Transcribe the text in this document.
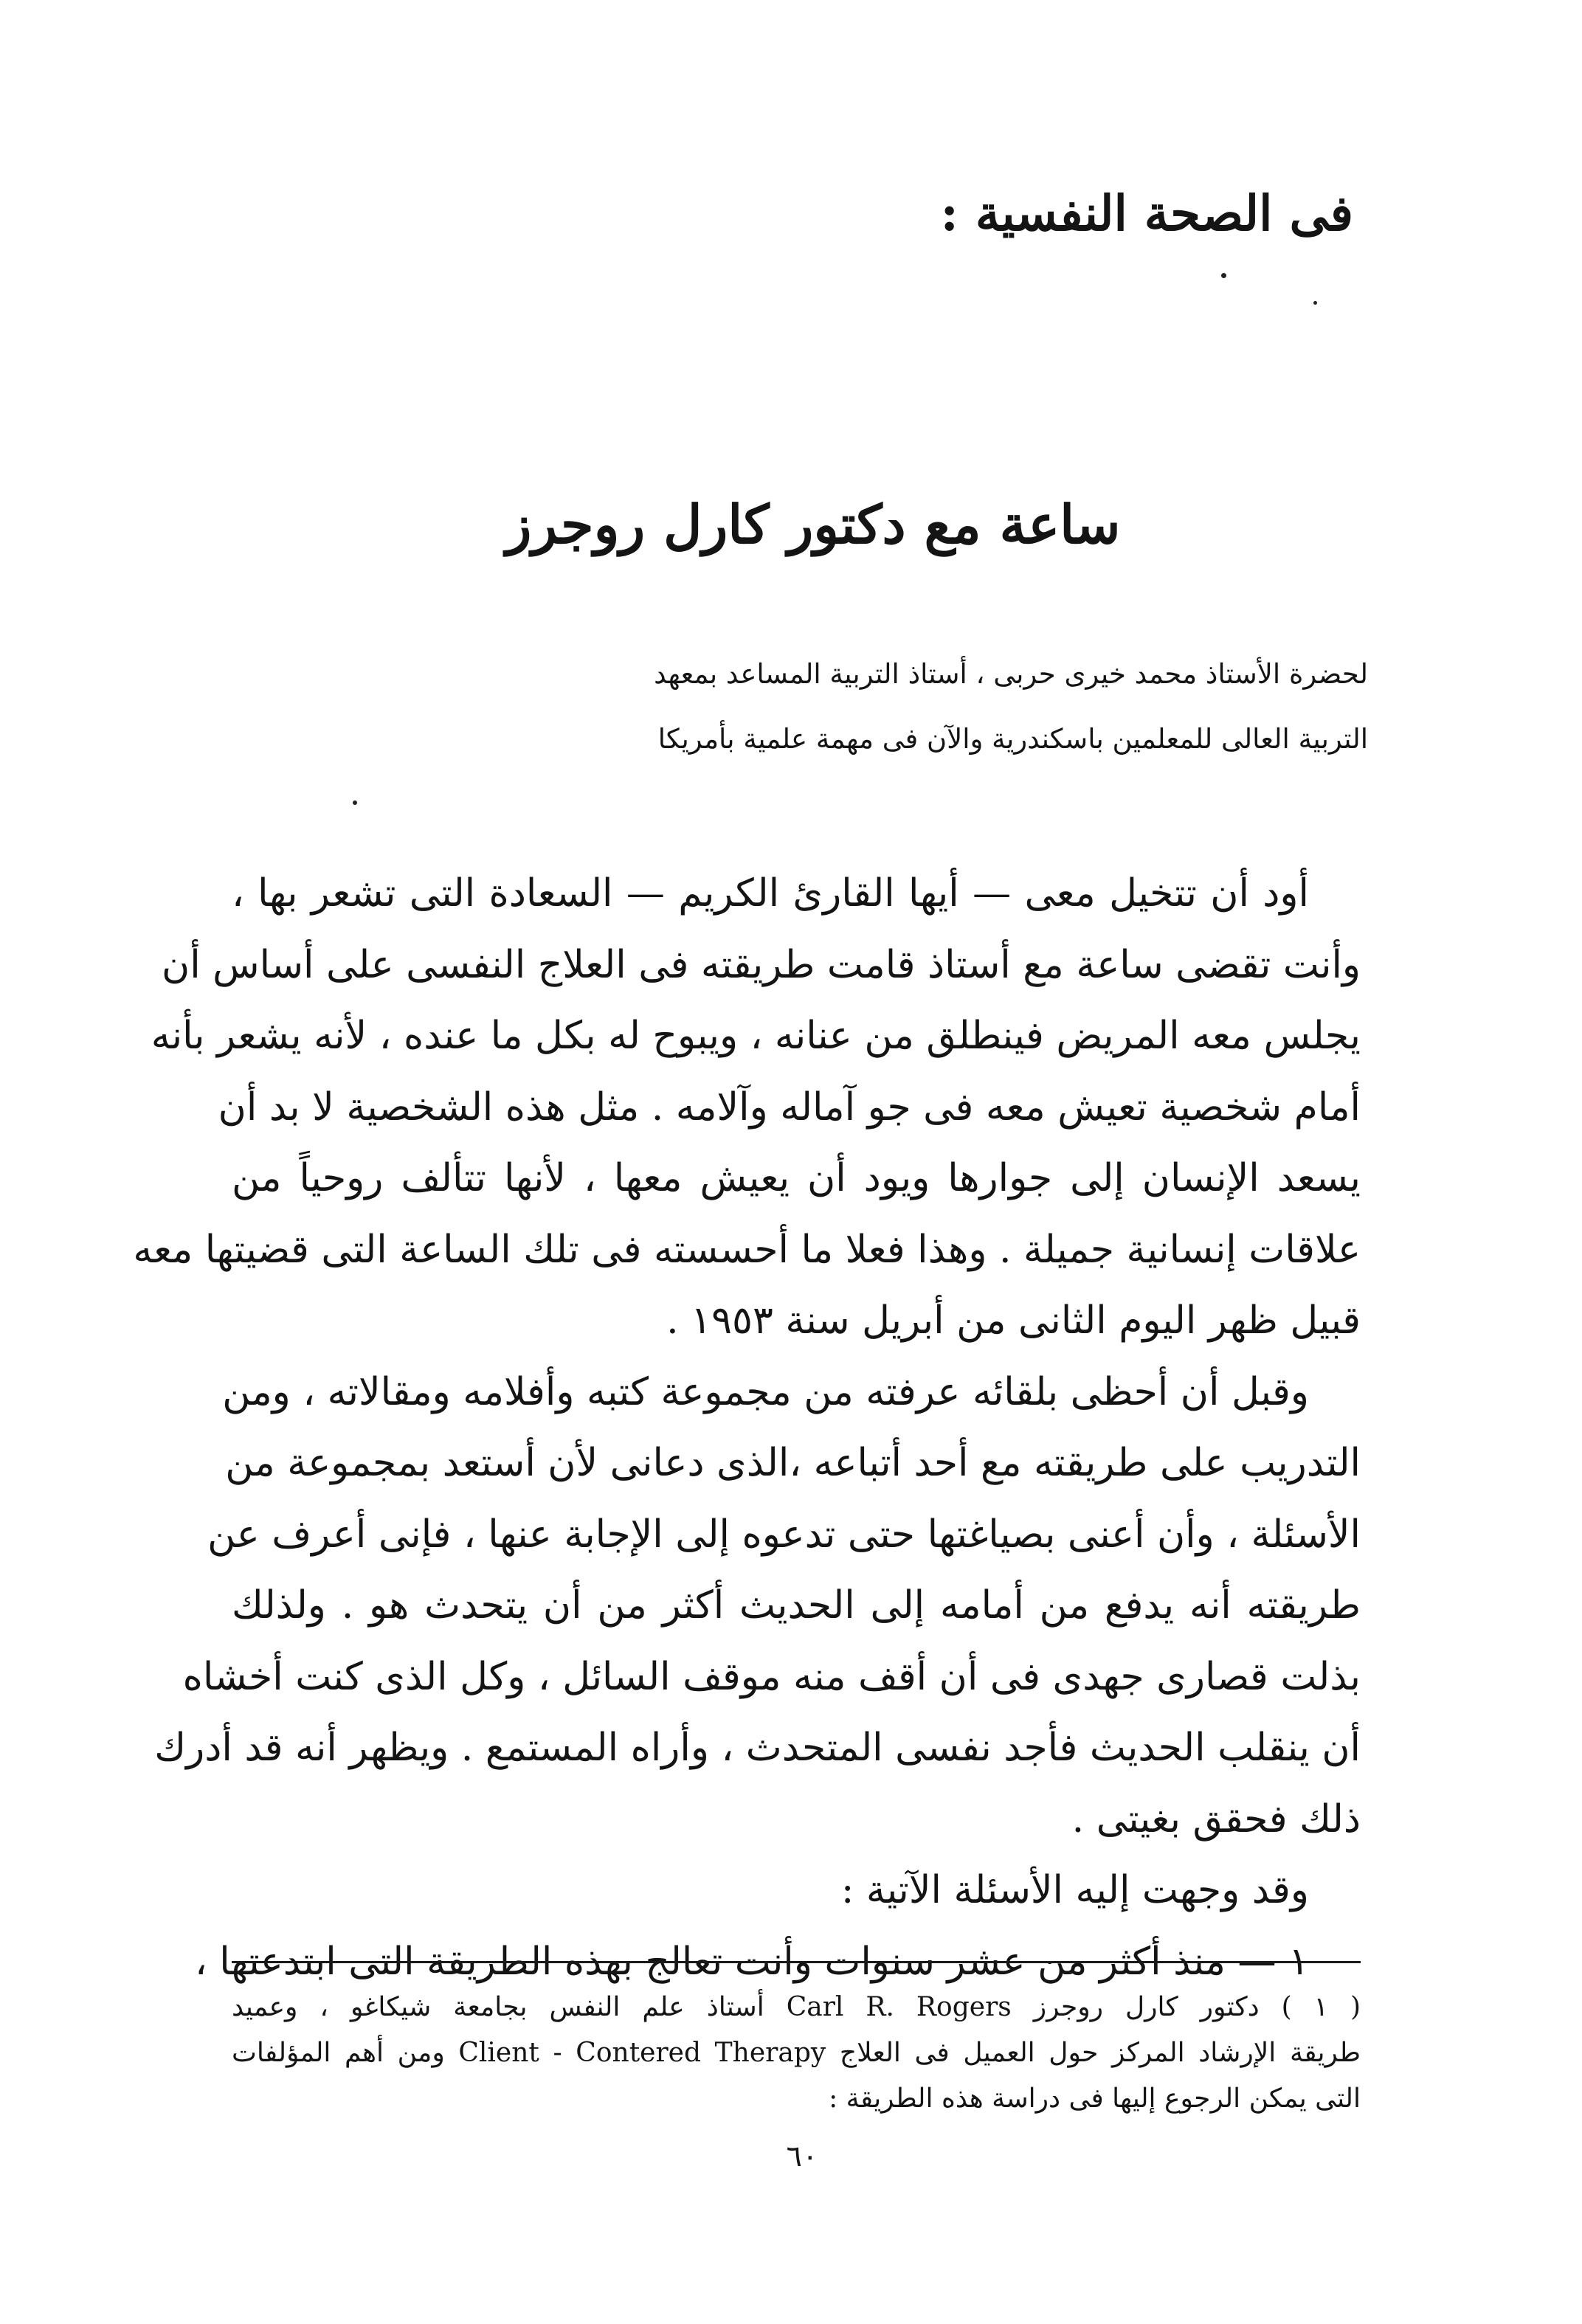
فى الصحة النفسية :
ساعة مع دكتور كارل روجرز

لحضرة الأستاذ محمد خيرى حربى ، أستاذ التربية المساعد بمعهد

التربية العالى للمعلمين باسكندرية والآن فى مهمة علمية بأمريكا

أود أن تتخيل معى — أيها القارئ الكريم — السعادة التى تشعر بها ،
وأنت تقضى ساعة مع أستاذ قامت طريقته فى العلاج النفسى على أساس أن
يجلس معه المريض فينطلق من عنانه ، ويبوح له بكل ما عنده ، لأنه يشعر بأنه
أمام شخصية تعيش معه فى جو آماله وآلامه . مثل هذه الشخصية لا بد أن
يسعد الإنسان إلى جوارها ويود أن يعيش معها ، لأنها تتألف روحياً من
علاقات إنسانية جميلة . وهذا فعلا ما أحسسته فى تلك الساعة التى قضيتها معه
قبيل ظهر اليوم الثانى من أبريل سنة ١٩٥٣ .
وقبل أن أحظى بلقائه عرفته من مجموعة كتبه وأفلامه ومقالاته ، ومن
التدريب على طريقته مع أحد أتباعه ،الذى دعانى لأن أستعد بمجموعة من
الأسئلة ، وأن أعنى بصياغتها حتى تدعوه إلى الإجابة عنها ، فإنى أعرف عن
طريقته أنه يدفع من أمامه إلى الحديث أكثر من أن يتحدث هو . ولذلك
بذلت قصارى جهدى فى أن أقف منه موقف السائل ، وكل الذى كنت أخشاه
أن ينقلب الحديث فأجد نفسى المتحدث ، وأراه المستمع . ويظهر أنه قد أدرك
ذلك فحقق بغيتى .
وقد وجهت إليه الأسئلة الآتية :
١ — منذ أكثر من عشر سنوات وأنت تعالج بهذه الطريقة التى ابتدعتها ،
( ١ ) دكتور كارل روجرز Carl R. Rogers أستاذ علم النفس بجامعة شيكاغو ، وعميد
طريقة الإرشاد المركز حول العميل فى العلاج Client - Contered Therapy ومن أهم المؤلفات
التى يمكن الرجوع إليها فى دراسة هذه الطريقة :
٦٠
